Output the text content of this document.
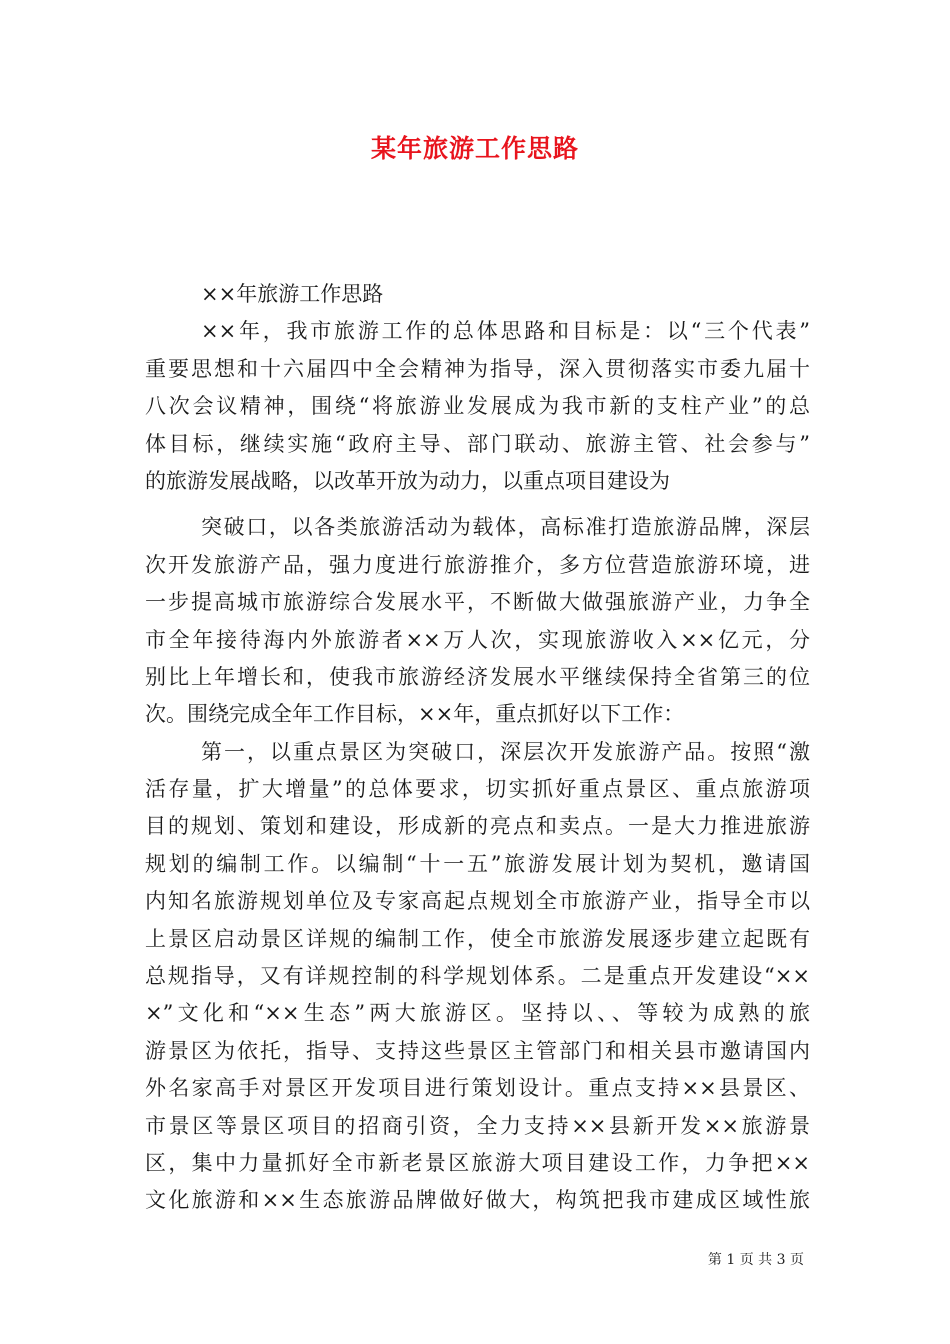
某年旅游工作思路
××年旅游工作思路
××年，我市旅游工作的总体思路和目标是：以“三个代表”
重要思想和十六届四中全会精神为指导，深入贯彻落实市委九届十
八次会议精神，围绕“将旅游业发展成为我市新的支柱产业”的总
体目标，继续实施“政府主导、部门联动、旅游主管、社会参与”
的旅游发展战略，以改革开放为动力，以重点项目建设为
突破口，以各类旅游活动为载体，高标准打造旅游品牌，深层
次开发旅游产品，强力度进行旅游推介，多方位营造旅游环境，进
一步提高城市旅游综合发展水平，不断做大做强旅游产业，力争全
市全年接待海内外旅游者××万人次，实现旅游收入××亿元，分
别比上年增长和，使我市旅游经济发展水平继续保持全省第三的位
次。围绕完成全年工作目标，××年，重点抓好以下工作：
第一，以重点景区为突破口，深层次开发旅游产品。按照“激
活存量，扩大增量”的总体要求，切实抓好重点景区、重点旅游项
目的规划、策划和建设，形成新的亮点和卖点。一是大力推进旅游
规划的编制工作。以编制“十一五”旅游发展计划为契机，邀请国
内知名旅游规划单位及专家高起点规划全市旅游产业，指导全市以
上景区启动景区详规的编制工作，使全市旅游发展逐步建立起既有
总规指导，又有详规控制的科学规划体系。二是重点开发建设“××
×”文化和“××生态”两大旅游区。坚持以、、等较为成熟的旅
游景区为依托，指导、支持这些景区主管部门和相关县市邀请国内
外名家高手对景区开发项目进行策划设计。重点支持××县景区、
市景区等景区项目的招商引资，全力支持××县新开发××旅游景
区，集中力量抓好全市新老景区旅游大项目建设工作，力争把××
文化旅游和××生态旅游品牌做好做大，构筑把我市建成区域性旅
第 1 页 共 3 页
